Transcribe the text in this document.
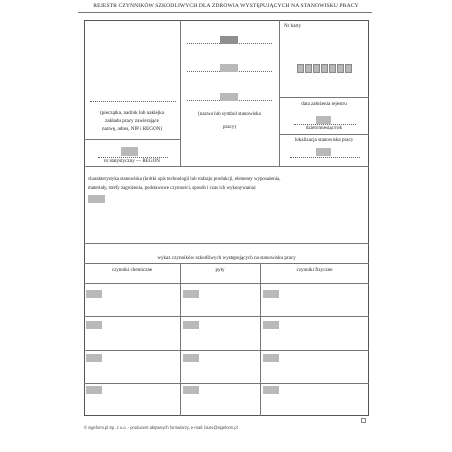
REJESTR CZYNNIKÓW SZKODLIWYCH DLA ZDROWIA WYSTĘPUJĄCYCH NA STANOWISKU PRACY
(pieczątka, nadruk lub naklejka
zakładu pracy zawierające
nazwę, adres, NIP i REGON)
nr statystyczny — REGON
(nazwa lub symbol stanowiska
pracy)
Nr karty
data założenia rejestru
dzień/miesiąc/rok
lokalizacja stanowiska pracy
charakterystyka stanowiska (krótki opis technologii lub rodzaju produkcji, elementy wyposażenia,
materiały, strefy zagrożenia, podstawowe czynności, sposób i czas ich wykonywania)
wykaz czynników szkodliwych występujących na stanowisku pracy
czynniki chemiczne	pyły	czynniki fizyczne
© sigeform.pl Sp. z o.o. - producent aktywnych formularzy, e-mail: biuro@sigeform.pl
